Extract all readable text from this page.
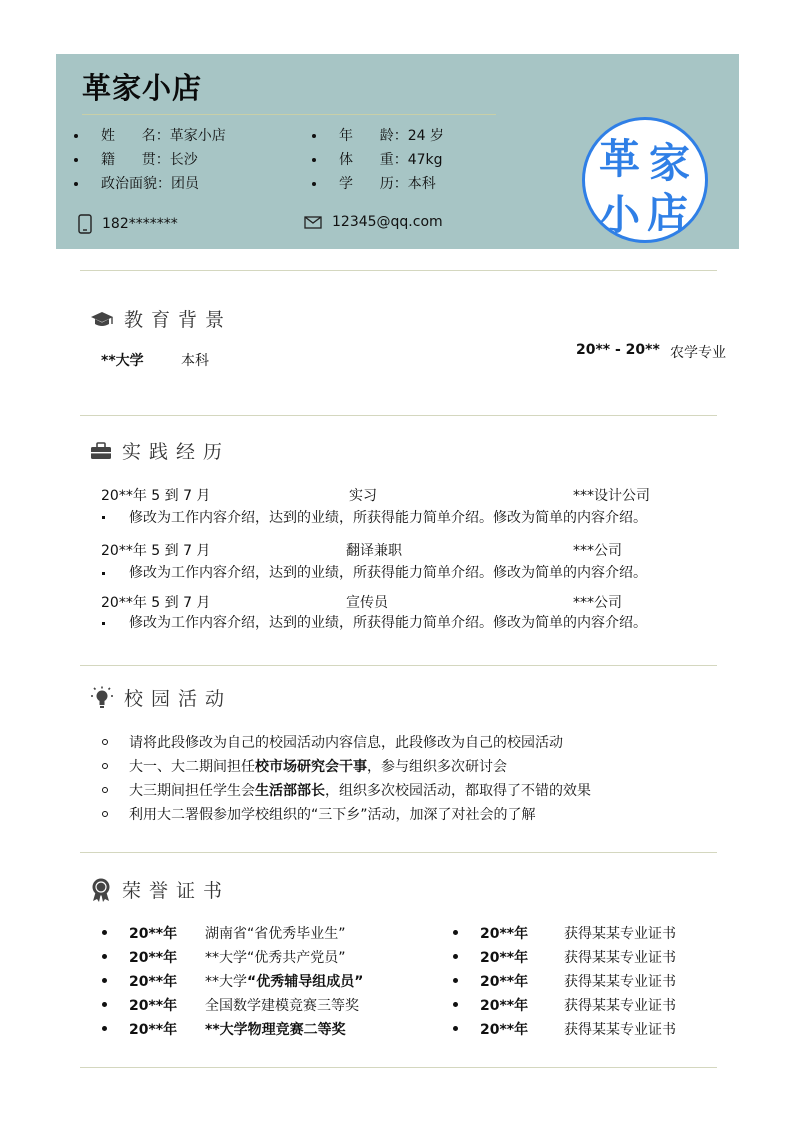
革家小店
姓      名 ： 革家小店
籍      贯 ： 长沙
政治面貌 ： 团员
年      龄 ： 24 岁
体      重 ： 47kg
学      历 ： 本科
182*******	12345@qq.com
革 家
小 店
教育背景
**大学	本科
20** - 20** 农学专业
实践经历
20**年 5 到 7 月	实习	***设计公司
修改为工作内容介绍，达到的业绩，所获得能力简单介绍。修改为简单的内容介绍。
20**年 5 到 7 月	翻译兼职	***公司
修改为工作内容介绍，达到的业绩，所获得能力简单介绍。修改为简单的内容介绍。
20**年 5 到 7 月	宣传员	***公司
修改为工作内容介绍，达到的业绩，所获得能力简单介绍。修改为简单的内容介绍。
校园活动
请将此段修改为自己的校园活动内容信息，此段修改为自己的校园活动
大一、大二期间担任 校市场研究会干事 ，参与组织多次研讨会
大三期间担任学生会 生活部部长 ，组织多次校园活动，都取得了不错的效果
利用大二署假参加学校组织的“三下乡”活动，加深了对社会的了解
荣誉证书
20**年 湖南省“省优秀毕业生”
20**年 **大学“优秀共产党员”
20**年 **大学“优秀辅导组成员”
20**年 全国数学建模竞赛三等奖
20**年 **大学物理竞赛二等奖
20**年	获得某某专业证书
20**年	获得某某专业证书
20**年	获得某某专业证书
20**年	获得某某专业证书
20**年	获得某某专业证书
